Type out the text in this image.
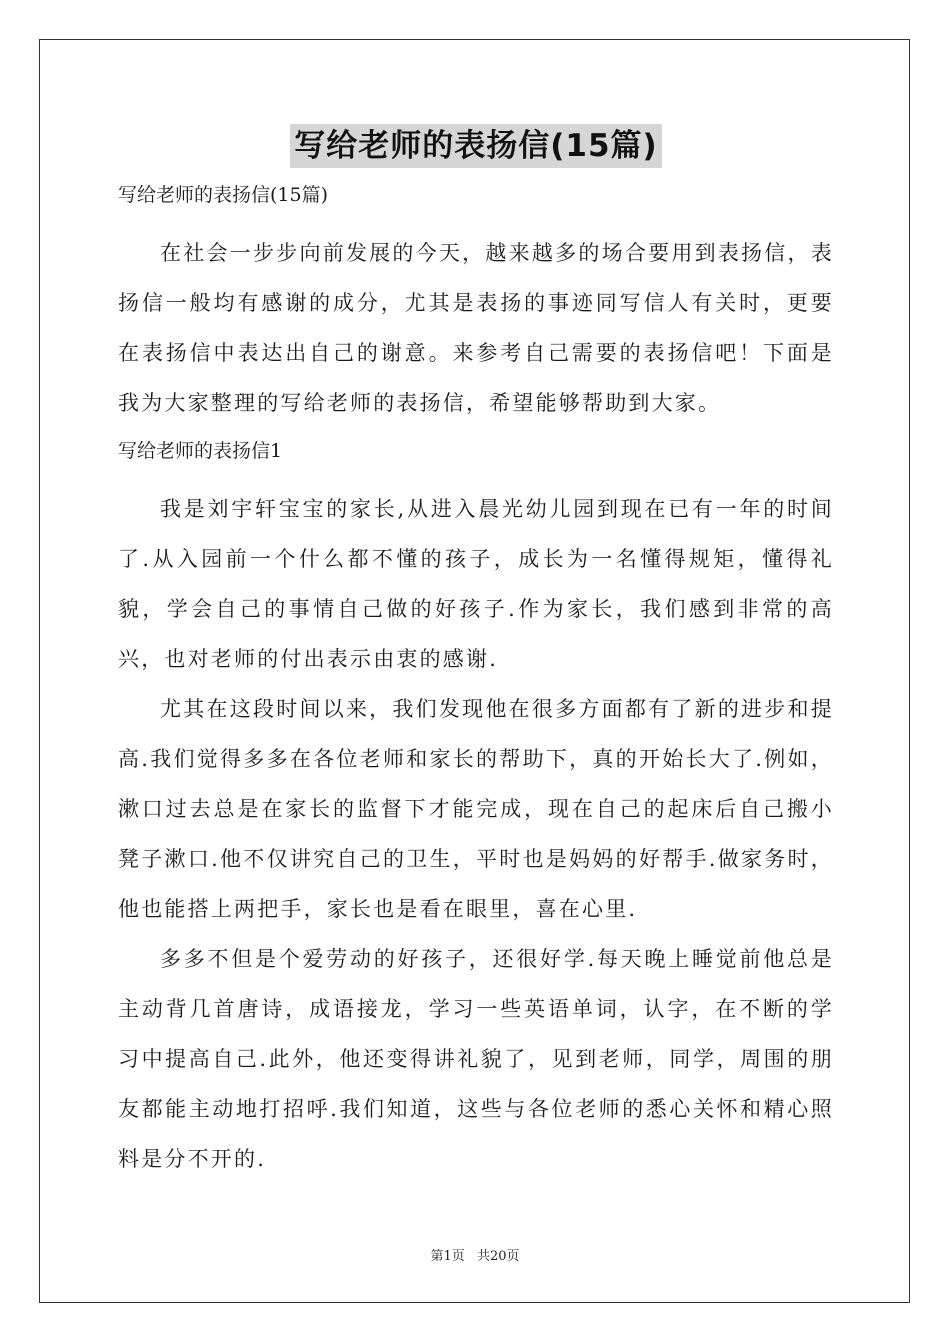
写给老师的表扬信(15篇)
写给老师的表扬信(15篇)

在社会一步步向前发展的今天，越来越多的场合要用到表扬信，表扬信一般均有感谢的成分，尤其是表扬的事迹同写信人有关时，更要在表扬信中表达出自己的谢意。来参考自己需要的表扬信吧！下面是我为大家整理的写给老师的表扬信，希望能够帮助到大家。

写给老师的表扬信1

我是刘宇轩宝宝的家长,从进入晨光幼儿园到现在已有一年的时间了.从入园前一个什么都不懂的孩子，成长为一名懂得规矩，懂得礼貌，学会自己的事情自己做的好孩子.作为家长，我们感到非常的高兴，也对老师的付出表示由衷的感谢.

尤其在这段时间以来，我们发现他在很多方面都有了新的进步和提高.我们觉得多多在各位老师和家长的帮助下，真的开始长大了.例如，漱口过去总是在家长的监督下才能完成，现在自己的起床后自己搬小凳子漱口.他不仅讲究自己的卫生，平时也是妈妈的好帮手.做家务时，他也能搭上两把手，家长也是看在眼里，喜在心里.

多多不但是个爱劳动的好孩子，还很好学.每天晚上睡觉前他总是主动背几首唐诗，成语接龙，学习一些英语单词，认字，在不断的学习中提高自己.此外，他还变得讲礼貌了，见到老师，同学，周围的朋友都能主动地打招呼.我们知道，这些与各位老师的悉心关怀和精心照料是分不开的.

第1页 共20页
